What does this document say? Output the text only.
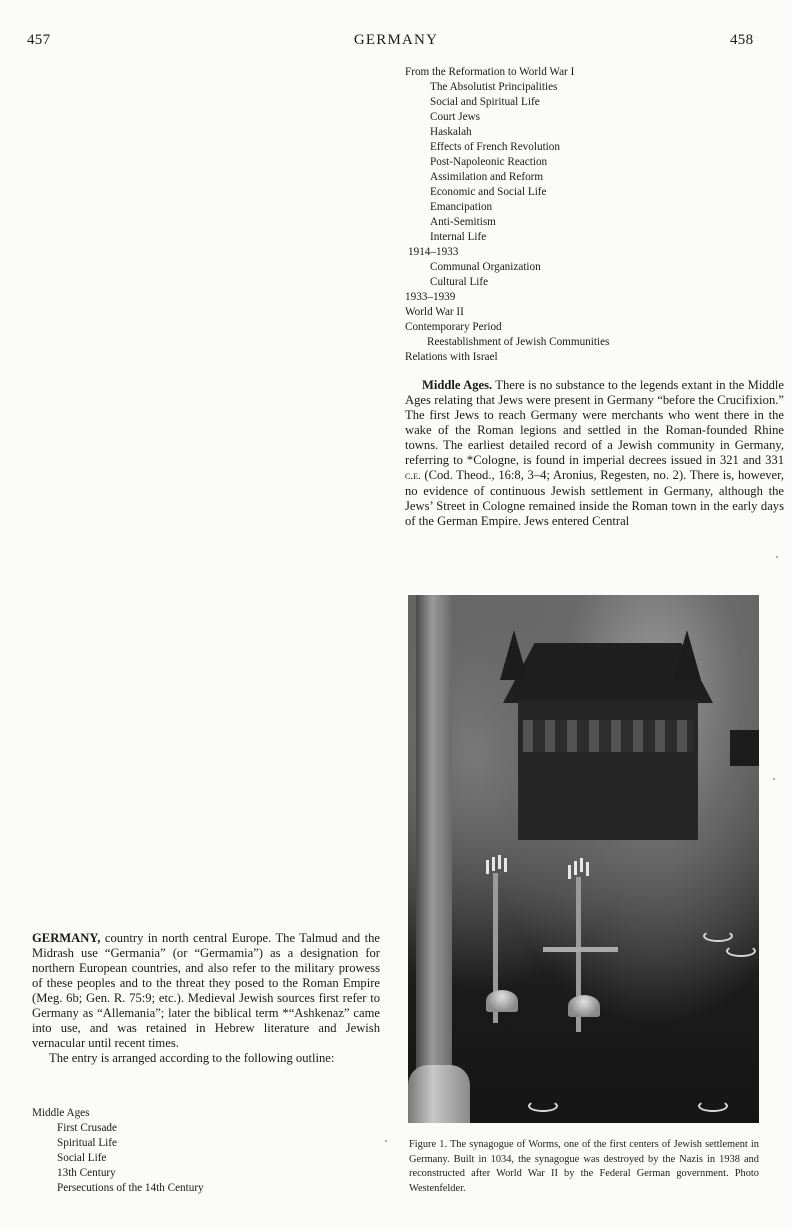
457	GERMANY	458
From the Reformation to World War I
The Absolutist Principalities
Social and Spiritual Life
Court Jews
Haskalah
Effects of French Revolution
Post-Napoleonic Reaction
Assimilation and Reform
Economic and Social Life
Emancipation
Anti-Semitism
Internal Life
1914–1933
Communal Organization
Cultural Life
1933–1939
World War II
Contemporary Period
Reestablishment of Jewish Communities
Relations with Israel

Middle Ages. There is no substance to the legends extant in the Middle Ages relating that Jews were present in Germany “before the Crucifixion.” The first Jews to reach Germany were merchants who went there in the wake of the Roman legions and settled in the Roman-founded Rhine towns. The earliest detailed record of a Jewish community in Germany, referring to *Cologne, is found in imperial decrees issued in 321 and 331 c.e. (Cod. Theod., 16:8, 3–4; Aronius, Regesten, no. 2). There is, however, no evidence of continuous Jewish settlement in Germany, although the Jews’ Street in Cologne remained inside the Roman town in the early days of the German Empire. Jews entered Central

Figure 1. The synagogue of Worms, one of the first centers of Jewish settlement in Germany. Built in 1034, the synagogue was destroyed by the Nazis in 1938 and reconstructed after World War II by the Federal German government. Photo Westenfelder.

GERMANY, country in north central Europe. The Talmud and the Midrash use “Germania” (or “Germamia”) as a designation for northern European countries, and also refer to the military prowess of these peoples and to the threat they posed to the Roman Empire (Meg. 6b; Gen. R. 75:9; etc.). Medieval Jewish sources first refer to Germany as “Allemania”; later the biblical term *“Ashkenaz” came into use, and was retained in Hebrew literature and Jewish vernacular until recent times.

The entry is arranged according to the following outline:

Middle Ages
First Crusade
Spiritual Life
Social Life
13th Century
Persecutions of the 14th Century
